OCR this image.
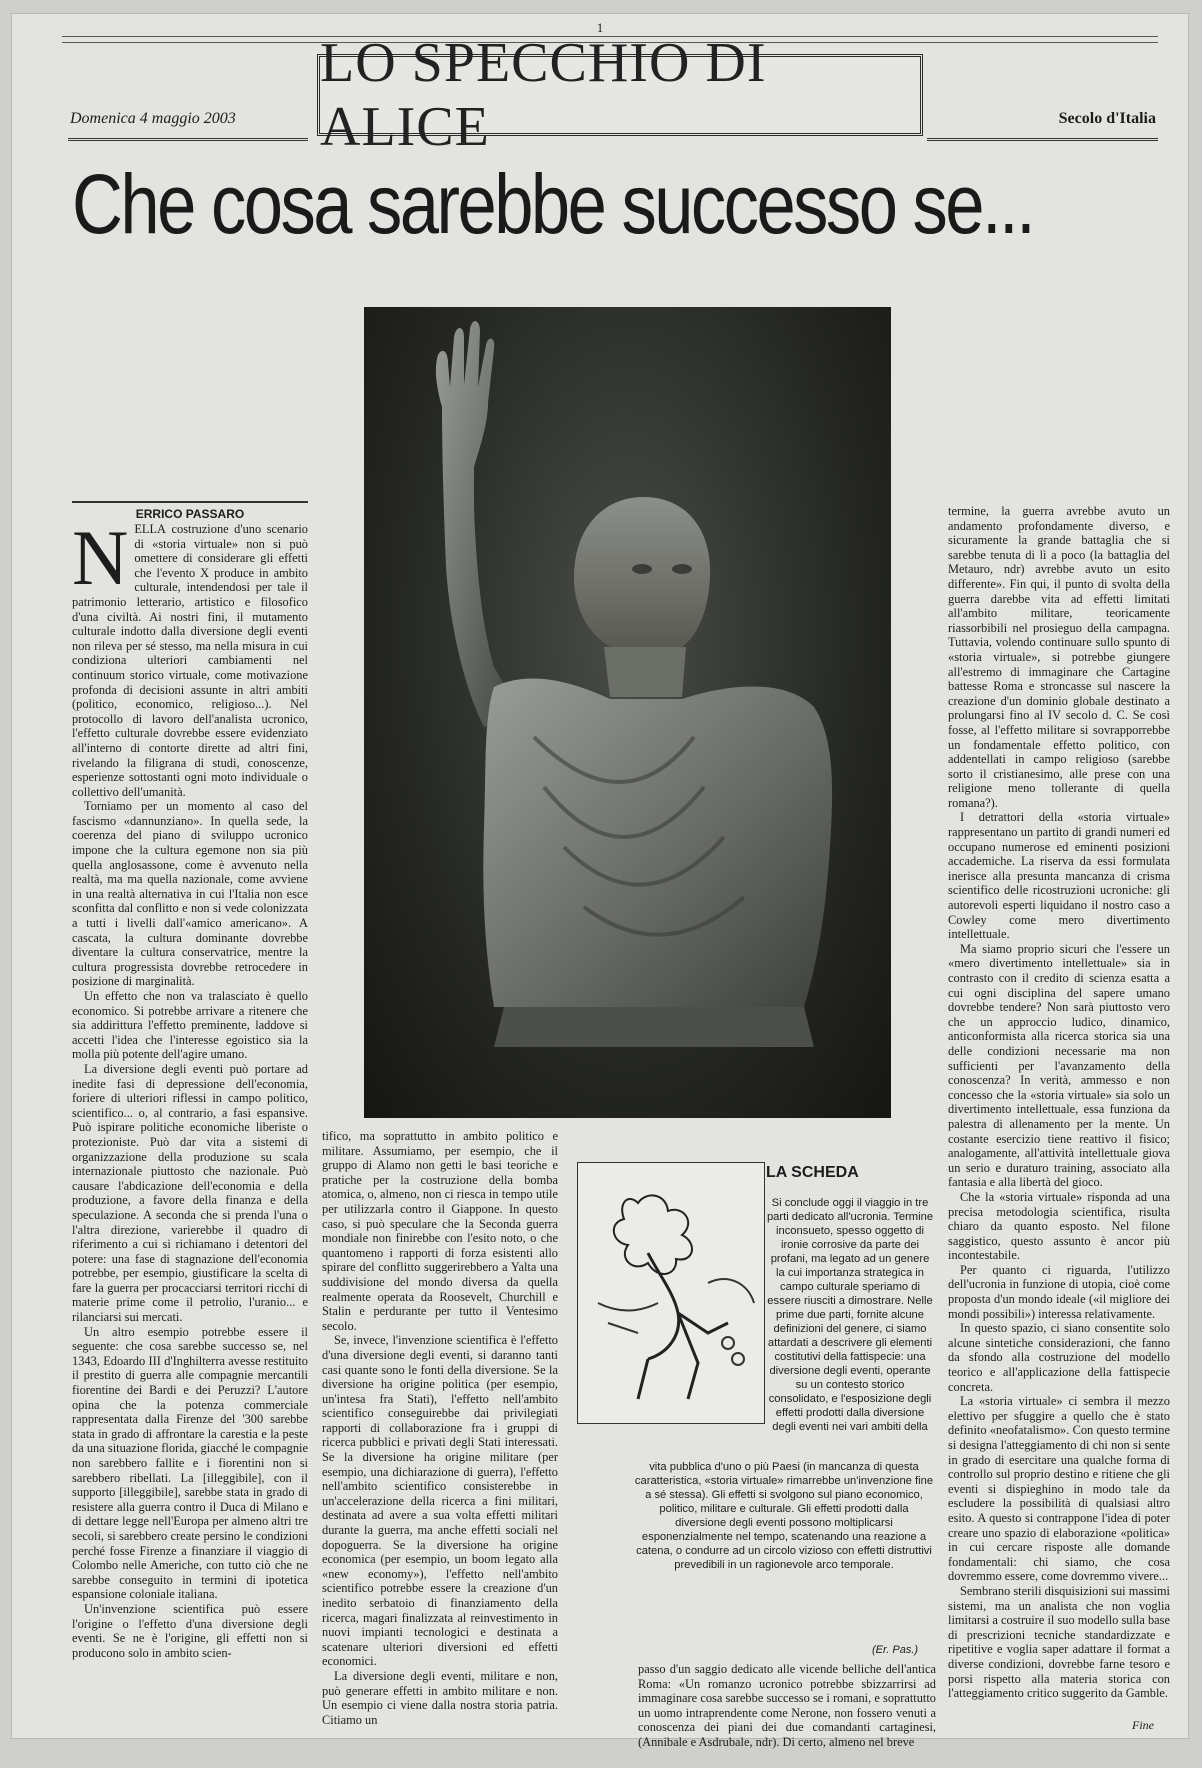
1
LO SPECCHIO DI ALICE
Domenica 4 maggio 2003	Secolo d'Italia
Che cosa sarebbe successo se...
ERRICO PASSARO

NELLA costruzione d'uno scenario di «storia virtuale» non si può omettere di considerare gli effetti che l'evento X produce in ambito culturale, intendendosi per tale il patrimonio letterario, artistico e filosofico d'una civiltà. Ai nostri fini, il mutamento culturale indotto dalla diversione degli eventi non rileva per sé stesso, ma nella misura in cui condiziona ulteriori cambiamenti nel continuum storico virtuale, come motivazione profonda di decisioni assunte in altri ambiti (politico, economico, religioso...). Nel protocollo di lavoro dell'analista ucronico, l'effetto culturale dovrebbe essere evidenziato all'interno di contorte dirette ad altri fini, rivelando la filigrana di studi, conoscenze, esperienze sottostanti ogni moto individuale o collettivo dell'umanità.

Torniamo per un momento al caso del fascismo «dannunziano». In quella sede, la coerenza del piano di sviluppo ucronico impone che la cultura egemone non sia più quella anglosassone, come è avvenuto nella realtà, ma ma quella nazionale, come avviene in una realtà alternativa in cui l'Italia non esce sconfitta dal conflitto e non si vede colonizzata a tutti i livelli dall'«amico americano». A cascata, la cultura dominante dovrebbe diventare la cultura conservatrice, mentre la cultura progressista dovrebbe retrocedere in posizione di marginalità.

Un effetto che non va tralasciato è quello economico. Si potrebbe arrivare a ritenere che sia addirittura l'effetto preminente, laddove si accetti l'idea che l'interesse egoistico sia la molla più potente dell'agire umano.

La diversione degli eventi può portare ad inedite fasi di depressione dell'economia, foriere di ulteriori riflessi in campo politico, scientifico... o, al contrario, a fasi espansive. Può ispirare politiche economiche liberiste o protezioniste. Può dar vita a sistemi di organizzazione della produzione su scala internazionale piuttosto che nazionale. Può causare l'abdicazione dell'economia e della produzione, a favore della finanza e della speculazione. A seconda che si prenda l'una o l'altra direzione, varierebbe il quadro di riferimento a cui si richiamano i detentori del potere: una fase di stagnazione dell'economia potrebbe, per esempio, giustificare la scelta di fare la guerra per procacciarsi territori ricchi di materie prime come il petrolio, l'uranio... e rilanciarsi sui mercati.

Un altro esempio potrebbe essere il seguente: che cosa sarebbe successo se, nel 1343, Edoardo III d'Inghilterra avesse restituito il prestito di guerra alle compagnie mercantili fiorentine dei Bardi e dei Peruzzi? L'autore opina che la potenza commerciale rappresentata dalla Firenze del '300 sarebbe stata in grado di affrontare la carestia e la peste da una situazione florida, giacché le compagnie non sarebbero fallite e i fiorentini non si sarebbero ribellati. La [illeggibile], con il supporto [illeggibile], sarebbe stata in grado di resistere alla guerra contro il Duca di Milano e di dettare legge nell'Europa per almeno altri tre secoli, si sarebbero create persino le condizioni perché fosse Firenze a finanziare il viaggio di Colombo nelle Americhe, con tutto ciò che ne sarebbe conseguito in termini di ipotetica espansione coloniale italiana.

Un'invenzione scientifica può essere l'origine o l'effetto d'una diversione degli eventi. Se ne è l'origine, gli effetti non si producono solo in ambito scien-

tifico, ma soprattutto in ambito politico e militare. Assumiamo, per esempio, che il gruppo di Alamo non getti le basi teoriche e pratiche per la costruzione della bomba atomica, o, almeno, non ci riesca in tempo utile per utilizzarla contro il Giappone. In questo caso, si può speculare che la Seconda guerra mondiale non finirebbe con l'esito noto, o che quantomeno i rapporti di forza esistenti allo spirare del conflitto suggerirebbero a Yalta una suddivisione del mondo diversa da quella realmente operata da Roosevelt, Churchill e Stalin e perdurante per tutto il Ventesimo secolo.

Se, invece, l'invenzione scientifica è l'effetto d'una diversione degli eventi, si daranno tanti casi quante sono le fonti della diversione. Se la diversione ha origine politica (per esempio, un'intesa fra Stati), l'effetto nell'ambito scientifico conseguirebbe dai privilegiati rapporti di collaborazione fra i gruppi di ricerca pubblici e privati degli Stati interessati. Se la diversione ha origine militare (per esempio, una dichiarazione di guerra), l'effetto nell'ambito scientifico consisterebbe in un'accelerazione della ricerca a fini militari, destinata ad avere a sua volta effetti militari durante la guerra, ma anche effetti sociali nel dopoguerra. Se la diversione ha origine economica (per esempio, un boom legato alla «new economy»), l'effetto nell'ambito scientifico potrebbe essere la creazione d'un inedito serbatoio di finanziamento della ricerca, magari finalizzata al reinvestimento in nuovi impianti tecnologici e destinata a scatenare ulteriori diversioni ed effetti economici.

La diversione degli eventi, militare e non, può generare effetti in ambito militare e non. Un esempio ci viene dalla nostra storia patria. Citiamo un

LA SCHEDA
Si conclude oggi il viaggio in tre parti dedicato all'ucronia. Termine inconsueto, spesso oggetto di ironie corrosive da parte dei profani, ma legato ad un genere la cui importanza strategica in campo culturale speriamo di essere riusciti a dimostrare. Nelle prime due parti, fornite alcune definizioni del genere, ci siamo attardati a descrivere gli elementi costitutivi della fattispecie: una diversione degli eventi, operante su un contesto storico consolidato, e l'esposizione degli effetti prodotti dalla diversione degli eventi nei vari ambiti della
vita pubblica d'uno o più Paesi (in mancanza di questa caratteristica, «storia virtuale» rimarrebbe un'invenzione fine a sé stessa). Gli effetti si svolgono sul piano economico, politico, militare e culturale. Gli effetti prodotti dalla diversione degli eventi possono moltiplicarsi esponenzialmente nel tempo, scatenando una reazione a catena, o condurre ad un circolo vizioso con effetti distruttivi prevedibili in un ragionevole arco temporale.
(Er. Pas.)

passo d'un saggio dedicato alle vicende belliche dell'antica Roma: «Un romanzo ucronico potrebbe sbizzarrirsi ad immaginare cosa sarebbe successo se i romani, e soprattutto un uomo intraprendente come Nerone, non fossero venuti a conoscenza dei piani dei due comandanti cartaginesi, (Annibale e Asdrubale, ndr). Di certo, almeno nel breve

termine, la guerra avrebbe avuto un andamento profondamente diverso, e sicuramente la grande battaglia che si sarebbe tenuta di lì a poco (la battaglia del Metauro, ndr) avrebbe avuto un esito differente». Fin qui, il punto di svolta della guerra darebbe vita ad effetti limitati all'ambito militare, teoricamente riassorbibili nel prosieguo della campagna. Tuttavia, volendo continuare sullo spunto di «storia virtuale», si potrebbe giungere all'estremo di immaginare che Cartagine battesse Roma e stroncasse sul nascere la creazione d'un dominio globale destinato a prolungarsi fino al IV secolo d. C. Se così fosse, al l'effetto militare si sovrapporrebbe un fondamentale effetto politico, con addentellati in campo religioso (sarebbe sorto il cristianesimo, alle prese con una religione meno tollerante di quella romana?).

I detrattori della «storia virtuale» rappresentano un partito di grandi numeri ed occupano numerose ed eminenti posizioni accademiche. La riserva da essi formulata inerisce alla presunta mancanza di crisma scientifico delle ricostruzioni ucroniche: gli autorevoli esperti liquidano il nostro caso a Cowley come mero divertimento intellettuale.

Ma siamo proprio sicuri che l'essere un «mero divertimento intellettuale» sia in contrasto con il credito di scienza esatta a cui ogni disciplina del sapere umano dovrebbe tendere? Non sarà piuttosto vero che un approccio ludico, dinamico, anticonformista alla ricerca storica sia una delle condizioni necessarie ma non sufficienti per l'avanzamento della conoscenza? In verità, ammesso e non concesso che la «storia virtuale» sia solo un divertimento intellettuale, essa funziona da palestra di allenamento per la mente. Un costante esercizio tiene reattivo il fisico; analogamente, all'attività intellettuale giova un serio e duraturo training, associato alla fantasia e alla libertà del gioco.

Che la «storia virtuale» risponda ad una precisa metodologia scientifica, risulta chiaro da quanto esposto. Nel filone saggistico, questo assunto è ancor più incontestabile.

Per quanto ci riguarda, l'utilizzo dell'ucronia in funzione di utopia, cioè come proposta d'un mondo ideale («il migliore dei mondi possibili») interessa relativamente.

In questo spazio, ci siano consentite solo alcune sintetiche considerazioni, che fanno da sfondo alla costruzione del modello teorico e all'applicazione della fattispecie concreta.

La «storia virtuale» ci sembra il mezzo elettivo per sfuggire a quello che è stato definito «neofatalismo». Con questo termine si designa l'atteggiamento di chi non si sente in grado di esercitare una qualche forma di controllo sul proprio destino e ritiene che gli eventi si dispieghino in modo tale da escludere la possibilità di qualsiasi altro esito. A questo si contrappone l'idea di poter creare uno spazio di elaborazione «politica» in cui cercare risposte alle domande fondamentali: chi siamo, che cosa dovremmo essere, come dovremmo vivere...

Sembrano sterili disquisizioni sui massimi sistemi, ma un analista che non voglia limitarsi a costruire il suo modello sulla base di prescrizioni tecniche standardizzate e ripetitive e voglia saper adattare il format a diverse condizioni, dovrebbe farne tesoro e porsi rispetto alla materia storica con l'atteggiamento critico suggerito da Gamble.

Fine
